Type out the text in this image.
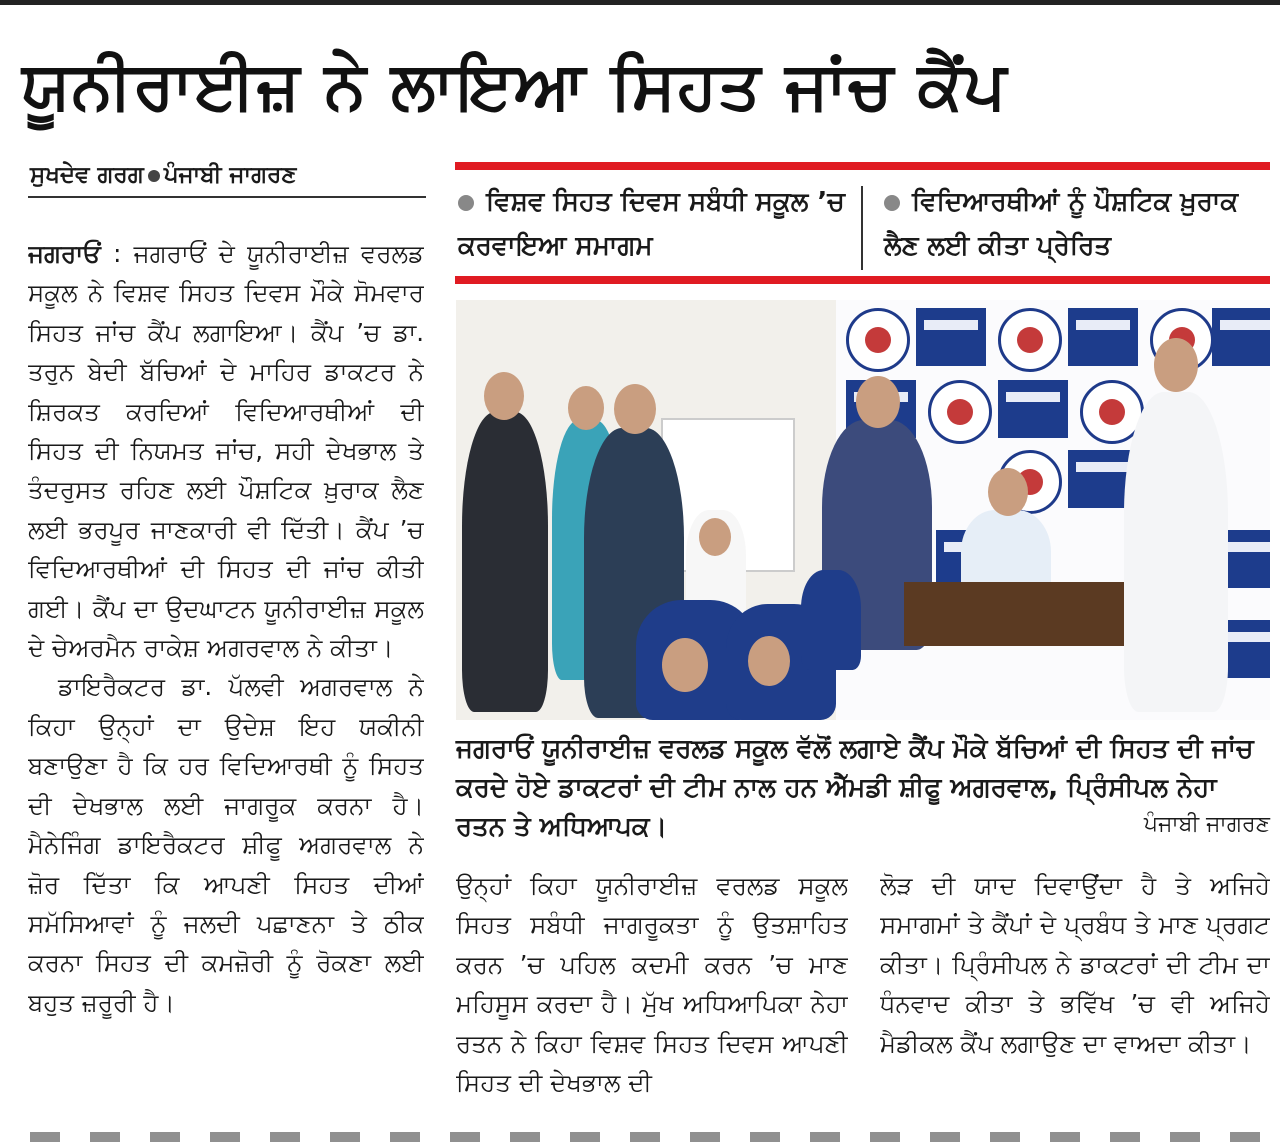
ਯੂਨੀਰਾਈਜ਼ ਨੇ ਲਾਇਆ ਸਿਹਤ ਜਾਂਚ ਕੈਂਪ
ਸੁਖਦੇਵ ਗਰਗ ਪੰਜਾਬੀ ਜਾਗਰਣ
ਵਿਸ਼ਵ ਸਿਹਤ ਦਿਵਸ ਸਬੰਧੀ ਸਕੂਲ ’ਚ ਕਰਵਾਇਆ ਸਮਾਗਮ
ਵਿਦਿਆਰਥੀਆਂ ਨੂੰ ਪੌਸ਼ਟਿਕ ਖ਼ੁਰਾਕ ਲੈਣ ਲਈ ਕੀਤਾ ਪ੍ਰੇਰਿਤ

ਜਗਰਾਓਂ : ਜਗਰਾਓਂ ਦੇ ਯੂਨੀਰਾਈਜ਼ ਵਰਲਡ ਸਕੂਲ ਨੇ ਵਿਸ਼ਵ ਸਿਹਤ ਦਿਵਸ ਮੌਕੇ ਸੋਮਵਾਰ ਸਿਹਤ ਜਾਂਚ ਕੈਂਪ ਲਗਾਇਆ। ਕੈਂਪ ’ਚ ਡਾ. ਤਰੁਨ ਬੇਦੀ ਬੱਚਿਆਂ ਦੇ ਮਾਹਿਰ ਡਾਕਟਰ ਨੇ ਸ਼ਿਰਕਤ ਕਰਦਿਆਂ ਵਿਦਿਆਰਥੀਆਂ ਦੀ ਸਿਹਤ ਦੀ ਨਿਯਮਤ ਜਾਂਚ, ਸਹੀ ਦੇਖਭਾਲ ਤੇ ਤੰਦਰੁਸਤ ਰਹਿਣ ਲਈ ਪੌਸ਼ਟਿਕ ਖ਼ੁਰਾਕ ਲੈਣ ਲਈ ਭਰਪੂਰ ਜਾਣਕਾਰੀ ਵੀ ਦਿੱਤੀ। ਕੈਂਪ ’ਚ ਵਿਦਿਆਰਥੀਆਂ ਦੀ ਸਿਹਤ ਦੀ ਜਾਂਚ ਕੀਤੀ ਗਈ। ਕੈਂਪ ਦਾ ਉਦਘਾਟਨ ਯੂਨੀਰਾਈਜ਼ ਸਕੂਲ ਦੇ ਚੇਅਰਮੈਨ ਰਾਕੇਸ਼ ਅਗਰਵਾਲ ਨੇ ਕੀਤਾ।

ਡਾਇਰੈਕਟਰ ਡਾ. ਪੱਲਵੀ ਅਗਰਵਾਲ ਨੇ ਕਿਹਾ ਉਨ੍ਹਾਂ ਦਾ ਉਦੇਸ਼ ਇਹ ਯਕੀਨੀ ਬਣਾਉਣਾ ਹੈ ਕਿ ਹਰ ਵਿਦਿਆਰਥੀ ਨੂੰ ਸਿਹਤ ਦੀ ਦੇਖਭਾਲ ਲਈ ਜਾਗਰੂਕ ਕਰਨਾ ਹੈ। ਮੈਨੇਜਿੰਗ ਡਾਇਰੈਕਟਰ ਸ਼ੀਫੂ ਅਗਰਵਾਲ ਨੇ ਜ਼ੋਰ ਦਿੱਤਾ ਕਿ ਆਪਣੀ ਸਿਹਤ ਦੀਆਂ ਸਮੱਸਿਆਵਾਂ ਨੂੰ ਜਲਦੀ ਪਛਾਣਨਾ ਤੇ ਠੀਕ ਕਰਨਾ ਸਿਹਤ ਦੀ ਕਮਜ਼ੋਰੀ ਨੂੰ ਰੋਕਣਾ ਲਈ ਬਹੁਤ ਜ਼ਰੂਰੀ ਹੈ।

ਜਗਰਾਓਂ ਯੂਨੀਰਾਈਜ਼ ਵਰਲਡ ਸਕੂਲ ਵੱਲੋਂ ਲਗਾਏ ਕੈਂਪ ਮੌਕੇ ਬੱਚਿਆਂ ਦੀ ਸਿਹਤ ਦੀ ਜਾਂਚ ਕਰਦੇ ਹੋਏ ਡਾਕਟਰਾਂ ਦੀ ਟੀਮ ਨਾਲ ਹਨ ਐੱਮਡੀ ਸ਼ੀਫੂ ਅਗਰਵਾਲ, ਪ੍ਰਿੰਸੀਪਲ ਨੇਹਾ ਰਤਨ ਤੇ ਅਧਿਆਪਕ।	ਪੰਜਾਬੀ ਜਾਗਰਣ

ਉਨ੍ਹਾਂ ਕਿਹਾ ਯੂਨੀਰਾਈਜ਼ ਵਰਲਡ ਸਕੂਲ ਸਿਹਤ ਸਬੰਧੀ ਜਾਗਰੂਕਤਾ ਨੂੰ ਉਤਸ਼ਾਹਿਤ ਕਰਨ ’ਚ ਪਹਿਲ ਕਦਮੀ ਕਰਨ ’ਚ ਮਾਣ ਮਹਿਸੂਸ ਕਰਦਾ ਹੈ। ਮੁੱਖ ਅਧਿਆਪਿਕਾ ਨੇਹਾ ਰਤਨ ਨੇ ਕਿਹਾ ਵਿਸ਼ਵ ਸਿਹਤ ਦਿਵਸ ਆਪਣੀ ਸਿਹਤ ਦੀ ਦੇਖਭਾਲ ਦੀ

ਲੋੜ ਦੀ ਯਾਦ ਦਿਵਾਉਂਦਾ ਹੈ ਤੇ ਅਜਿਹੇ ਸਮਾਗਮਾਂ ਤੇ ਕੈਂਪਾਂ ਦੇ ਪ੍ਰਬੰਧ ਤੇ ਮਾਣ ਪ੍ਰਗਟ ਕੀਤਾ। ਪ੍ਰਿੰਸੀਪਲ ਨੇ ਡਾਕਟਰਾਂ ਦੀ ਟੀਮ ਦਾ ਧੰਨਵਾਦ ਕੀਤਾ ਤੇ ਭਵਿੱਖ ’ਚ ਵੀ ਅਜਿਹੇ ਮੈਡੀਕਲ ਕੈਂਪ ਲਗਾਉਣ ਦਾ ਵਾਅਦਾ ਕੀਤਾ।
